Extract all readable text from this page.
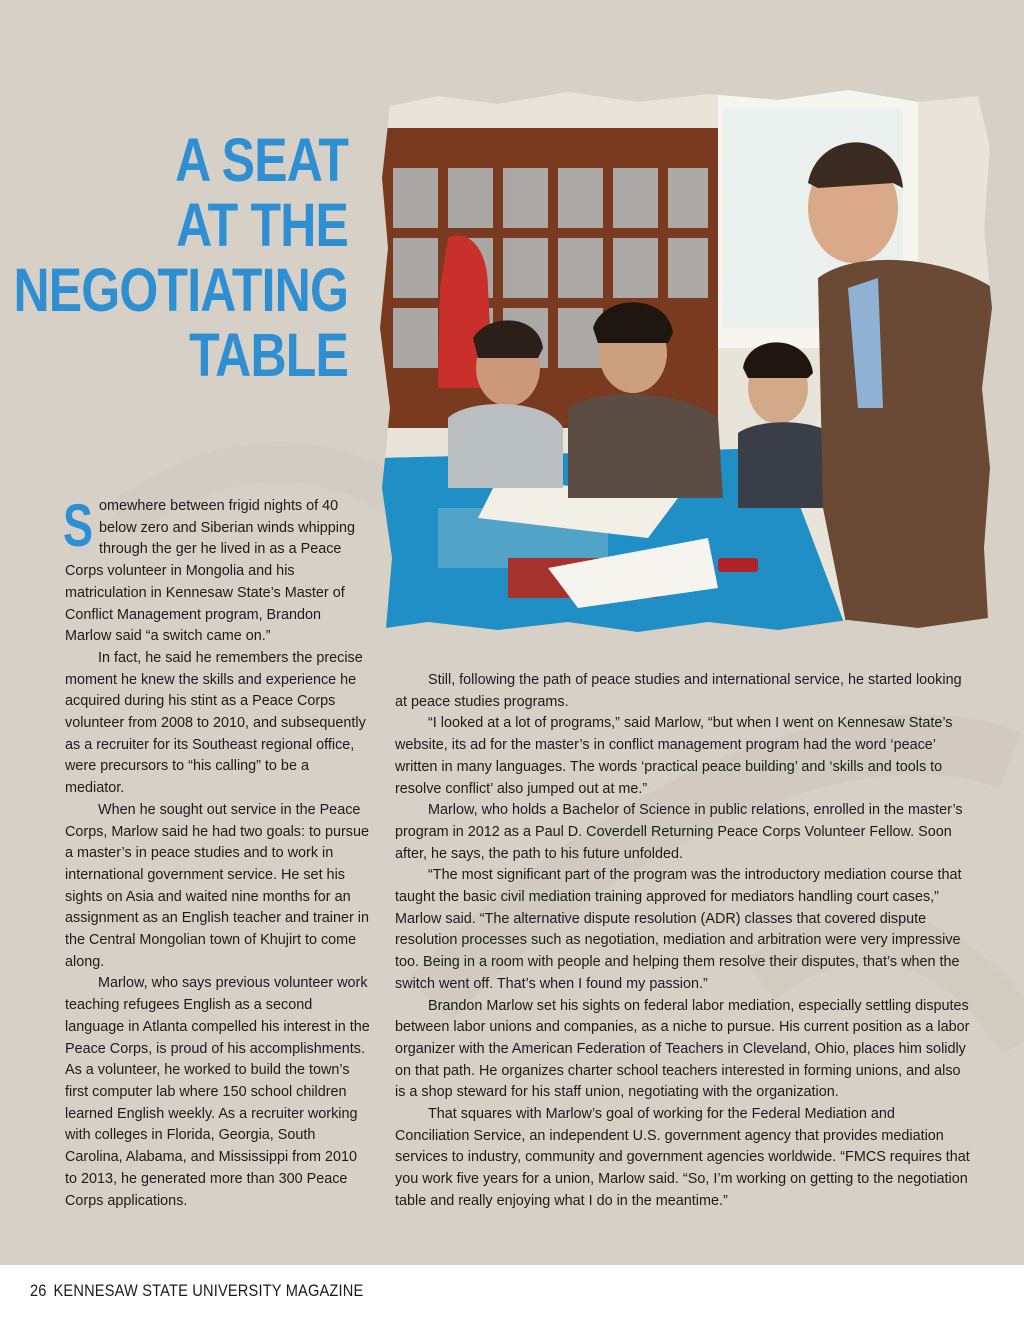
A SEAT
AT THE
NEGOTIATING
TABLE

Somewhere between frigid nights of 40 below zero and Siberian winds whipping through the ger he lived in as a Peace Corps volunteer in Mongolia and his matriculation in Kennesaw State’s Master of Conflict Management program, Brandon Marlow said “a switch came on.”

In fact, he said he remembers the precise moment he knew the skills and experience he acquired during his stint as a Peace Corps volunteer from 2008 to 2010, and subsequently as a recruiter for its Southeast regional office, were precursors to “his calling” to be a mediator.

When he sought out service in the Peace Corps, Marlow said he had two goals: to pursue a master’s in peace studies and to work in international government service. He set his sights on Asia and waited nine months for an assignment as an English teacher and trainer in the Central Mongolian town of Khujirt to come along.

Marlow, who says previous volunteer work teaching refugees English as a second language in Atlanta compelled his interest in the Peace Corps, is proud of his accomplishments. As a volunteer, he worked to build the town’s first computer lab where 150 school children learned English weekly. As a recruiter working with colleges in Florida, Georgia, South Carolina, Alabama, and Mississippi from 2010 to 2013, he generated more than 300 Peace Corps applications.

Still, following the path of peace studies and international service, he started looking at peace studies programs.

“I looked at a lot of programs,” said Marlow, “but when I went on Kennesaw State’s website, its ad for the master’s in conflict management program had the word ‘peace’ written in many languages. The words ‘practical peace building’ and ‘skills and tools to resolve conflict’ also jumped out at me.”

Marlow, who holds a Bachelor of Science in public relations, enrolled in the master’s program in 2012 as a Paul D. Coverdell Returning Peace Corps Volunteer Fellow. Soon after, he says, the path to his future unfolded.

“The most significant part of the program was the introductory mediation course that taught the basic civil mediation training approved for mediators handling court cases,” Marlow said. “The alternative dispute resolution (ADR) classes that covered dispute resolution processes such as negotiation, mediation and arbitration were very impressive too. Being in a room with people and helping them resolve their disputes, that’s when the switch went off. That’s when I found my passion.”

Brandon Marlow set his sights on federal labor mediation, especially settling disputes between labor unions and companies, as a niche to pursue. His current position as a labor organizer with the American Federation of Teachers in Cleveland, Ohio, places him solidly on that path. He organizes charter school teachers interested in forming unions, and also is a shop steward for his staff union, negotiating with the organization.

That squares with Marlow’s goal of working for the Federal Mediation and Conciliation Service, an independent U.S. government agency that provides mediation services to industry, community and government agencies worldwide. “FMCS requires that you work five years for a union, Marlow said. “So, I’m working on getting to the negotiation table and really enjoying what I do in the meantime.”

26 KENNESAW STATE UNIVERSITY MAGAZINE
